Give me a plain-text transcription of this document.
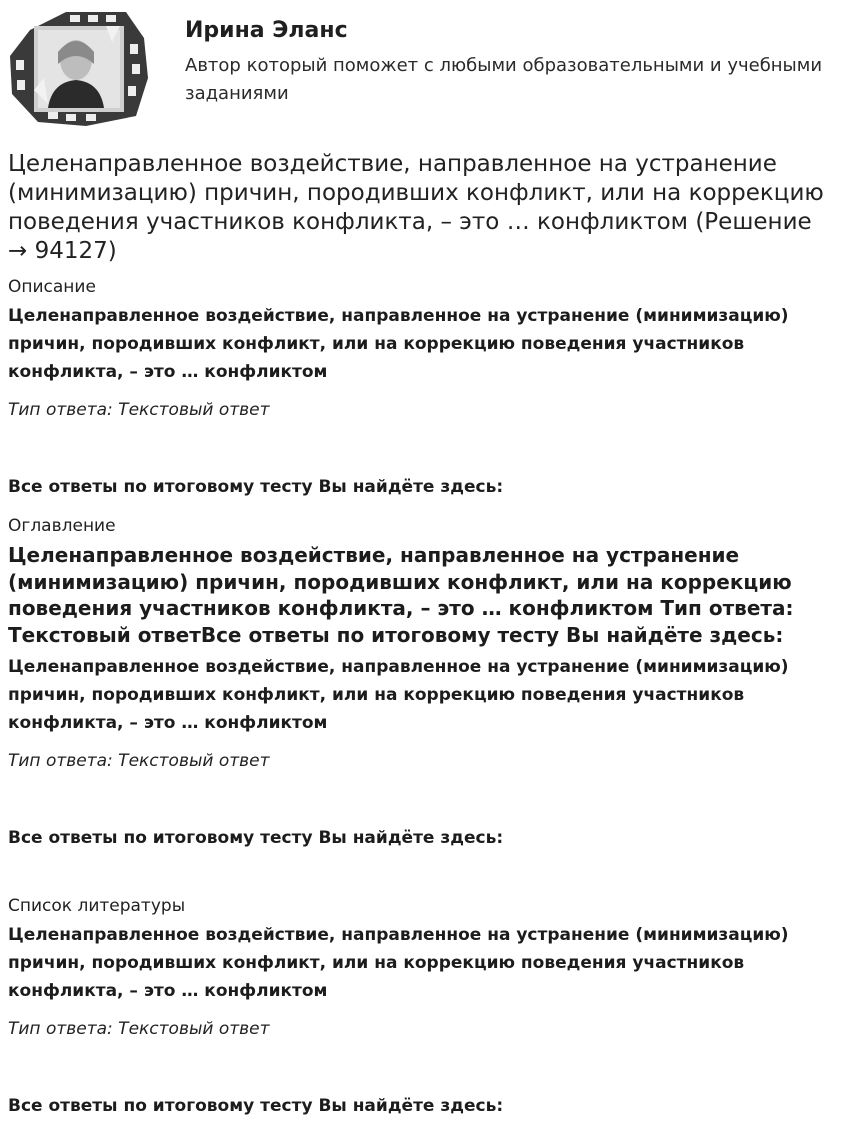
Ирина Эланс
Автор который поможет с любыми образовательными и учебными заданиями
Целенаправленное воздействие, направленное на устранение (минимизацию) причин, породивших конфликт, или на коррекцию поведения участников конфликта, – это … конфликтом (Решение → 94127)
Описание
Целенаправленное воздействие, направленное на устранение (минимизацию) причин, породивших конфликт, или на коррекцию поведения участников конфликта, – это … конфликтом
Тип ответа: Текстовый ответ
Все ответы по итоговому тесту Вы найдёте здесь:
Оглавление
Целенаправленное воздействие, направленное на устранение (минимизацию) причин, породивших конфликт, или на коррекцию поведения участников конфликта, – это … конфликтом Тип ответа: Текстовый ответВсе ответы по итоговому тесту Вы найдёте здесь:
Целенаправленное воздействие, направленное на устранение (минимизацию) причин, породивших конфликт, или на коррекцию поведения участников конфликта, – это … конфликтом
Тип ответа: Текстовый ответ
Все ответы по итоговому тесту Вы найдёте здесь:
Список литературы
Целенаправленное воздействие, направленное на устранение (минимизацию) причин, породивших конфликт, или на коррекцию поведения участников конфликта, – это … конфликтом
Тип ответа: Текстовый ответ
Все ответы по итоговому тесту Вы найдёте здесь:
